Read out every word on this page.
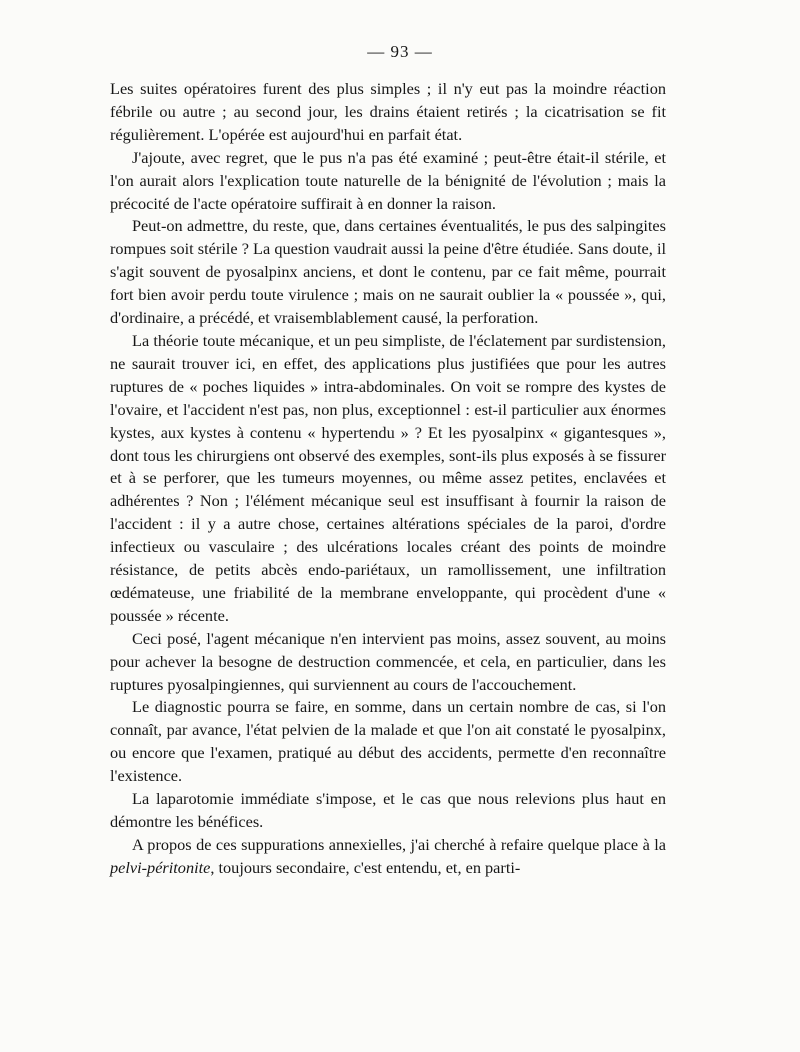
— 93 —

Les suites opératoires furent des plus simples ; il n'y eut pas la moindre réaction fébrile ou autre ; au second jour, les drains étaient retirés ; la cicatrisation se fit régulièrement. L'opérée est aujourd'hui en parfait état.

J'ajoute, avec regret, que le pus n'a pas été examiné ; peut-être était-il stérile, et l'on aurait alors l'explication toute naturelle de la bénignité de l'évolution ; mais la précocité de l'acte opératoire suffirait à en donner la raison.

Peut-on admettre, du reste, que, dans certaines éventualités, le pus des salpingites rompues soit stérile ? La question vaudrait aussi la peine d'être étudiée. Sans doute, il s'agit souvent de pyosalpinx anciens, et dont le contenu, par ce fait même, pourrait fort bien avoir perdu toute virulence ; mais on ne saurait oublier la « poussée », qui, d'ordinaire, a précédé, et vraisemblablement causé, la perforation.

La théorie toute mécanique, et un peu simpliste, de l'éclatement par surdistension, ne saurait trouver ici, en effet, des applications plus justifiées que pour les autres ruptures de « poches liquides » intra-abdominales. On voit se rompre des kystes de l'ovaire, et l'accident n'est pas, non plus, exceptionnel : est-il particulier aux énormes kystes, aux kystes à contenu « hypertendu » ? Et les pyosalpinx « gigantesques », dont tous les chirurgiens ont observé des exemples, sont-ils plus exposés à se fissurer et à se perforer, que les tumeurs moyennes, ou même assez petites, enclavées et adhérentes ? Non ; l'élément mécanique seul est insuffisant à fournir la raison de l'accident : il y a autre chose, certaines altérations spéciales de la paroi, d'ordre infectieux ou vasculaire ; des ulcérations locales créant des points de moindre résistance, de petits abcès endo-pariétaux, un ramollissement, une infiltration œdémateuse, une friabilité de la membrane enveloppante, qui procèdent d'une « poussée » récente.

Ceci posé, l'agent mécanique n'en intervient pas moins, assez souvent, au moins pour achever la besogne de destruction commencée, et cela, en particulier, dans les ruptures pyosalpingiennes, qui surviennent au cours de l'accouchement.

Le diagnostic pourra se faire, en somme, dans un certain nombre de cas, si l'on connaît, par avance, l'état pelvien de la malade et que l'on ait constaté le pyosalpinx, ou encore que l'examen, pratiqué au début des accidents, permette d'en reconnaître l'existence.

La laparotomie immédiate s'impose, et le cas que nous relevions plus haut en démontre les bénéfices.

A propos de ces suppurations annexielles, j'ai cherché à refaire quelque place à la pelvi-péritonite, toujours secondaire, c'est entendu, et, en parti-
